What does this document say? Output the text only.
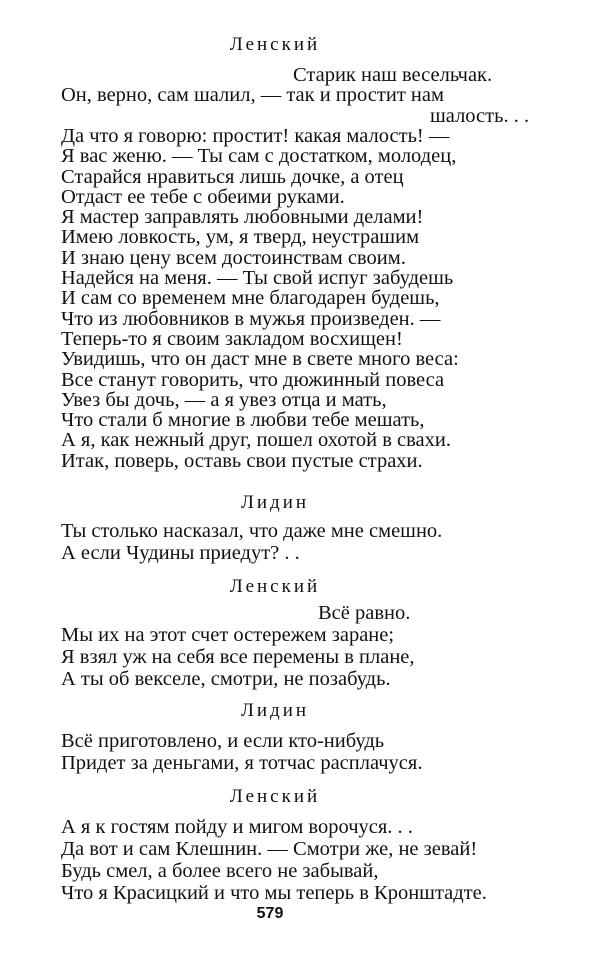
Ленский
Старик наш весельчак.
Он, верно, сам шалил, — так и простит нам
шалость. . .
Да что я говорю: простит! какая малость! —
Я вас женю. — Ты сам с достатком, молодец,
Старайся нравиться лишь дочке, а отец
Отдаст ее тебе с обеими руками.
Я мастер заправлять любовными делами!
Имею ловкость, ум, я тверд, неустрашим
И знаю цену всем достоинствам своим.
Надейся на меня. — Ты свой испуг забудешь
И сам со временем мне благодарен будешь,
Что из любовников в мужья произведен. —
Теперь-то я своим закладом восхищен!
Увидишь, что он даст мне в свете много веса:
Все станут говорить, что дюжинный повеса
Увез бы дочь, — а я увез отца и мать,
Что стали б многие в любви тебе мешать,
А я, как нежный друг, пошел охотой в свахи.
Итак, поверь, оставь свои пустые страхи.
Лидин
Ты столько насказал, что даже мне смешно.
А если Чудины приедут? . .
Ленский
Всё равно.
Мы их на этот счет остережем заране;
Я взял уж на себя все перемены в плане,
А ты об векселе, смотри, не позабудь.
Лидин
Всё приготовлено, и если кто-нибудь
Придет за деньгами, я тотчас расплачуся.
Ленский
А я к гостям пойду и мигом ворочуся. . .
Да вот и сам Клешнин. — Смотри же, не зевай!
Будь смел, а более всего не забывай,
Что я Красицкий и что мы теперь в Кронштадте.
579
